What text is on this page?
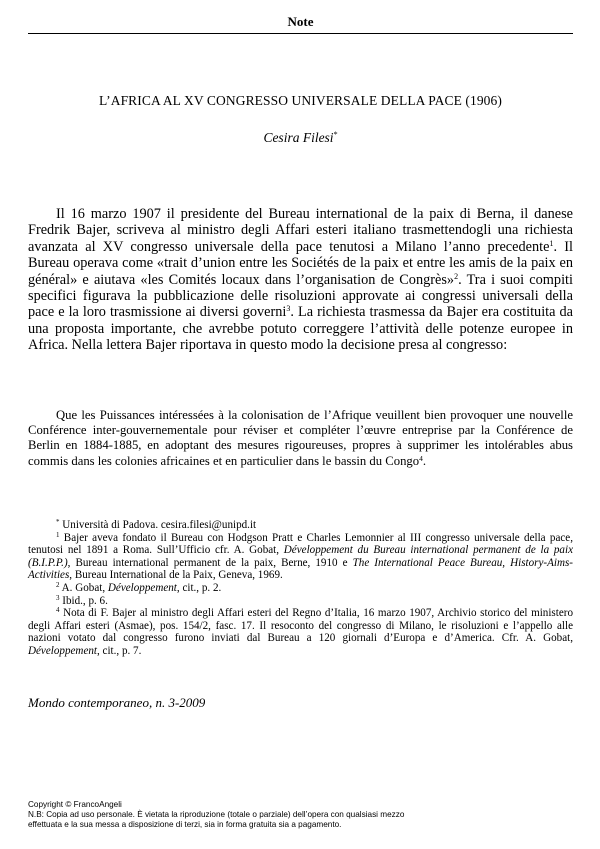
Note
L’AFRICA AL XV CONGRESSO UNIVERSALE DELLA PACE (1906)
Cesira Filesi*

Il 16 marzo 1907 il presidente del Bureau international de la paix di Berna, il danese Fredrik Bajer, scriveva al ministro degli Affari esteri italiano trasmettendogli una richiesta avanzata al XV congresso universale della pace tenutosi a Milano l’anno precedente$^1$. Il Bureau operava come «trait d’union entre les Sociétés de la paix et entre les amis de la paix en général» e aiutava «les Comités locaux dans l’organisation de Congrès»$^2$. Tra i suoi compiti specifici figurava la pubblicazione delle risoluzioni approvate ai congressi universali della pace e la loro trasmissione ai diversi governi$^3$. La richiesta trasmessa da Bajer era costituita da una proposta importante, che avrebbe potuto correggere l’attività delle potenze europee in Africa. Nella lettera Bajer riportava in questo modo la decisione presa al congresso:

Que les Puissances intéressées à la colonisation de l’Afrique veuillent bien provoquer une nouvelle Conférence inter-gouvernementale pour réviser et compléter l’œuvre entreprise par la Conférence de Berlin en 1884-1885, en adoptant des mesures rigoureuses, propres à supprimer les intolérables abus commis dans les colonies africaines et en particulier dans le bassin du Congo$^4$.

* Università di Padova. cesira.filesi@unipd.it

$^1$ Bajer aveva fondato il Bureau con Hodgson Pratt e Charles Lemonnier al III congresso universale della pace, tenutosi nel 1891 a Roma. Sull’Ufficio cfr. A. Gobat, Développement du Bureau international permanent de la paix (B.I.P.P.), Bureau international permanent de la paix, Berne, 1910 e The International Peace Bureau, History-Aims-Activities, Bureau International de la Paix, Geneva, 1969.

$^2$ A. Gobat, Développement, cit., p. 2.

$^3$ Ibid., p. 6.

$^4$ Nota di F. Bajer al ministro degli Affari esteri del Regno d’Italia, 16 marzo 1907, Archivio storico del ministero degli Affari esteri (Asmae), pos. 154/2, fasc. 17. Il resoconto del congresso di Milano, le risoluzioni e l’appello alle nazioni votato dal congresso furono inviati dal Bureau a 120 giornali d’Europa e d’America. Cfr. A. Gobat, Développement, cit., p. 7.

Mondo contemporaneo, n. 3-2009
Copyright © FrancoAngeli
N.B: Copia ad uso personale. È vietata la riproduzione (totale o parziale) dell’opera con qualsiasi mezzo
effettuata e la sua messa a disposizione di terzi, sia in forma gratuita sia a pagamento.
